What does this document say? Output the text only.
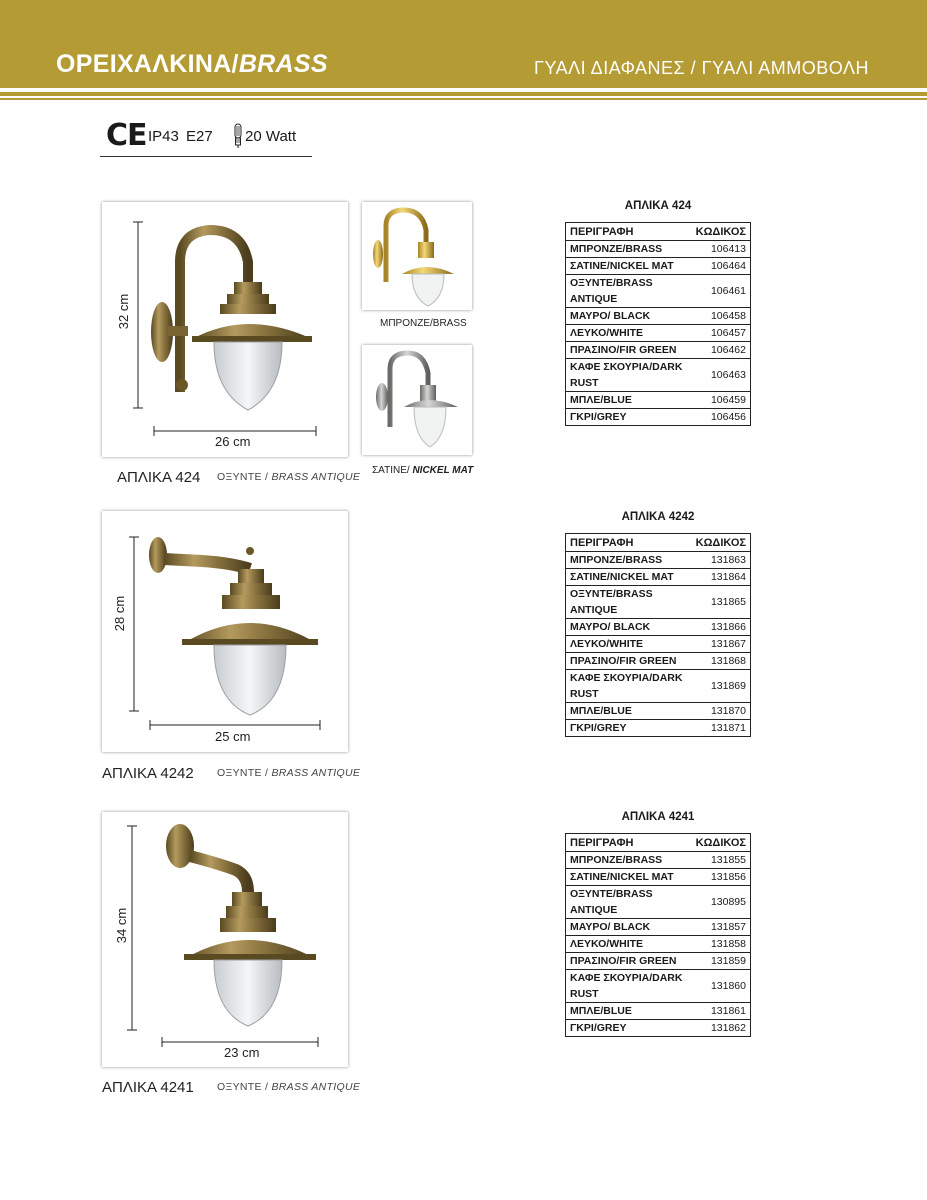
ΟΡΕΙΧΑΛΚΙΝΑ/BRASS	ΓΥΑΛΙ ΔΙΑΦΑΝΕΣ / ΓΥΑΛΙ ΑΜΜΟΒΟΛΗ
CE IP43 E27 20 Watt
32 cm
26 cm
ΜΠΡΟΝΖΕ/BRASS
ΣΑΤΙΝΕ/ NICKEL MAT
ΑΠΛΙΚΑ 424 ΟΞΥΝΤΕ / BRASS ANTIQUE
ΑΠΛΙΚΑ 424
ΠΕΡΙΓΡΑΦΗ	ΚΩΔΙΚΟΣ
ΜΠΡΟΝΖΕ/BRASS	106413
ΣΑΤΙΝΕ/NICKEL MAT	106464
ΟΞΥΝΤΕ/BRASS ANTIQUE	106461
ΜΑΥΡΟ/ BLACK	106458
ΛΕΥΚΟ/WHITE	106457
ΠΡΑΣΙΝΟ/FIR GREEN	106462
ΚΑΦΕ ΣΚΟΥΡΙΑ/DARK RUST	106463
ΜΠΛΕ/BLUE	106459
ΓΚΡΙ/GREY	106456
28 cm
25 cm
ΑΠΛΙΚΑ 4242 ΟΞΥΝΤΕ / BRASS ANTIQUE
ΑΠΛΙΚΑ 4242
ΠΕΡΙΓΡΑΦΗ	ΚΩΔΙΚΟΣ
ΜΠΡΟΝΖΕ/BRASS	131863
ΣΑΤΙΝΕ/NICKEL MAT	131864
ΟΞΥΝΤΕ/BRASS ANTIQUE	131865
ΜΑΥΡΟ/ BLACK	131866
ΛΕΥΚΟ/WHITE	131867
ΠΡΑΣΙΝΟ/FIR GREEN	131868
ΚΑΦΕ ΣΚΟΥΡΙΑ/DARK RUST	131869
ΜΠΛΕ/BLUE	131870
ΓΚΡΙ/GREY	131871
34 cm
23 cm
ΑΠΛΙΚΑ 4241 ΟΞΥΝΤΕ / BRASS ANTIQUE
ΑΠΛΙΚΑ 4241
ΠΕΡΙΓΡΑΦΗ	ΚΩΔΙΚΟΣ
ΜΠΡΟΝΖΕ/BRASS	131855
ΣΑΤΙΝΕ/NICKEL MAT	131856
ΟΞΥΝΤΕ/BRASS ANTIQUE	130895
ΜΑΥΡΟ/ BLACK	131857
ΛΕΥΚΟ/WHITE	131858
ΠΡΑΣΙΝΟ/FIR GREEN	131859
ΚΑΦΕ ΣΚΟΥΡΙΑ/DARK RUST	131860
ΜΠΛΕ/BLUE	131861
ΓΚΡΙ/GREY	131862
